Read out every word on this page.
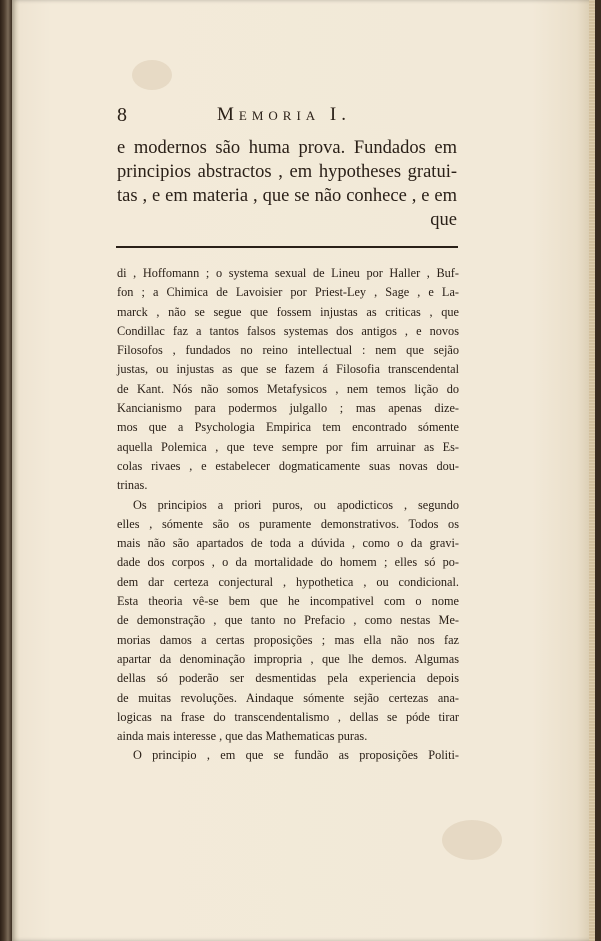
8	Memoria I.
e modernos são huma prova. Fundados em
principios abstractos , em hypotheses gratui-
tas , e em materia , que se não conhece , e em
que
di , Hoffomann ; o systema sexual de Lineu por Haller , Buf-
fon ; a Chimica de Lavoisier por Priest-Ley , Sage , e La-
marck , não se segue que fossem injustas as criticas , que
Condillac faz a tantos falsos systemas dos antigos , e novos
Filosofos , fundados no reino intellectual : nem que sejão
justas, ou injustas as que se fazem á Filosofia transcendental
de Kant. Nós não somos Metafysicos , nem temos lição do
Kancianismo para podermos julgallo ; mas apenas dize-
mos que a Psychologia Empirica tem encontrado sómente
aquella Polemica , que teve sempre por fim arruinar as Es-
colas rivaes , e estabelecer dogmaticamente suas novas dou-
trinas.
Os principios a priori puros, ou apodicticos , segundo
elles , sómente são os puramente demonstrativos. Todos os
mais não são apartados de toda a dúvida , como o da gravi-
dade dos corpos , o da mortalidade do homem ; elles só po-
dem dar certeza conjectural , hypothetica , ou condicional.
Esta theoria vê-se bem que he incompativel com o nome
de demonstração , que tanto no Prefacio , como nestas Me-
morias damos a certas proposições ; mas ella não nos faz
apartar da denominação impropria , que lhe demos. Algumas
dellas só poderão ser desmentidas pela experiencia depois
de muitas revoluções. Aindaque sómente sejão certezas ana-
logicas na frase do transcendentalismo , dellas se póde tirar
ainda mais interesse , que das Mathematicas puras.
O principio , em que se fundão as proposições Politi-
